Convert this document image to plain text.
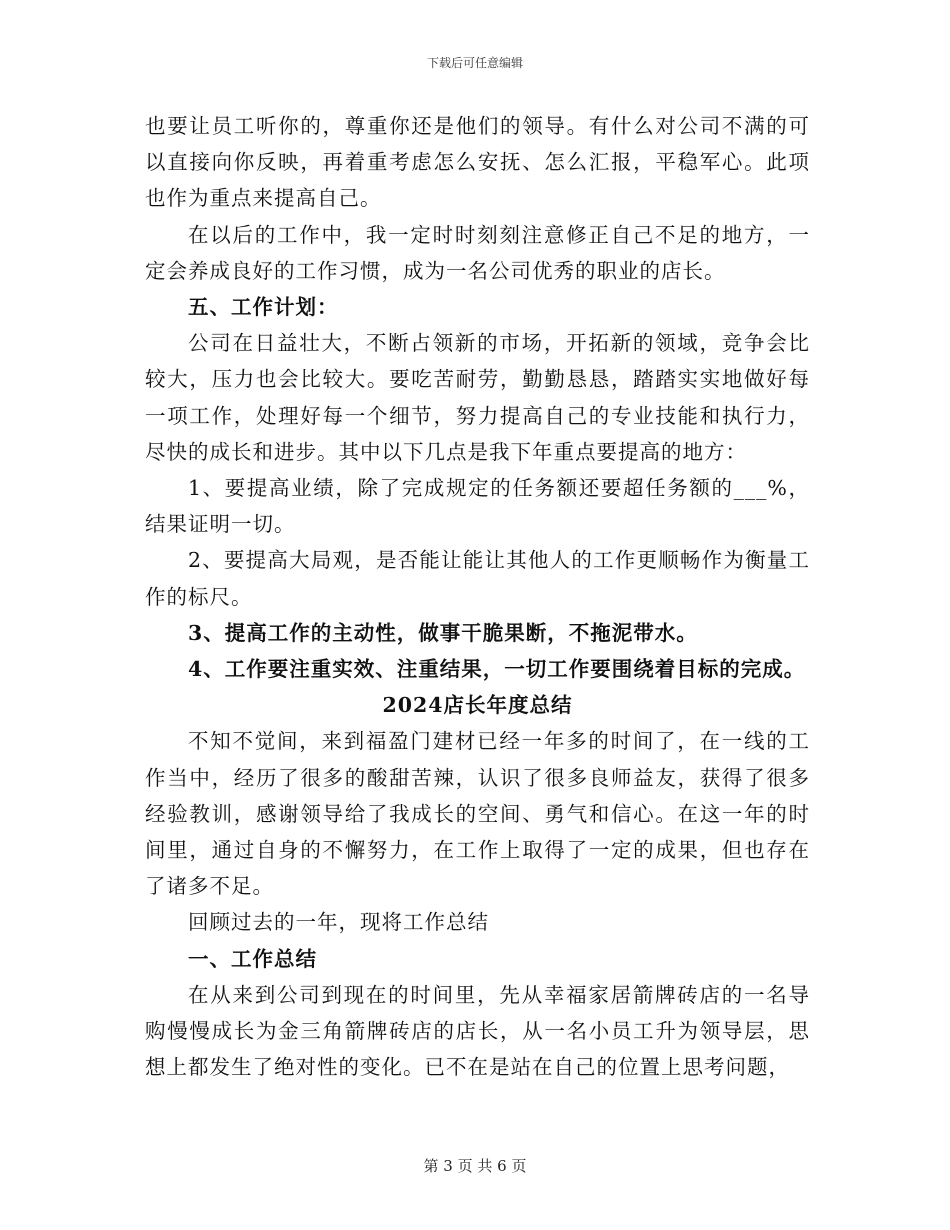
下载后可任意编辑

也要让员工听你的，尊重你还是他们的领导。有什么对公司不满的可以直接向你反映，再着重考虑怎么安抚、怎么汇报，平稳军心。此项也作为重点来提高自己。

在以后的工作中，我一定时时刻刻注意修正自己不足的地方，一定会养成良好的工作习惯，成为一名公司优秀的职业的店长。

五、工作计划：

公司在日益壮大，不断占领新的市场，开拓新的领域，竞争会比较大，压力也会比较大。要吃苦耐劳，勤勤恳恳，踏踏实实地做好每一项工作，处理好每一个细节，努力提高自己的专业技能和执行力，尽快的成长和进步。其中以下几点是我下年重点要提高的地方：

1、要提高业绩，除了完成规定的任务额还要超任务额的___%，结果证明一切。

2、要提高大局观，是否能让能让其他人的工作更顺畅作为衡量工作的标尺。

3、提高工作的主动性，做事干脆果断，不拖泥带水。

4、工作要注重实效、注重结果，一切工作要围绕着目标的完成。

2024店长年度总结

不知不觉间，来到福盈门建材已经一年多的时间了，在一线的工作当中，经历了很多的酸甜苦辣，认识了很多良师益友，获得了很多经验教训，感谢领导给了我成长的空间、勇气和信心。在这一年的时间里，通过自身的不懈努力，在工作上取得了一定的成果，但也存在了诸多不足。

回顾过去的一年，现将工作总结

一、工作总结

在从来到公司到现在的时间里，先从幸福家居箭牌砖店的一名导购慢慢成长为金三角箭牌砖店的店长，从一名小员工升为领导层，思想上都发生了绝对性的变化。已不在是站在自己的位置上思考问题，

第 3 页 共 6 页
